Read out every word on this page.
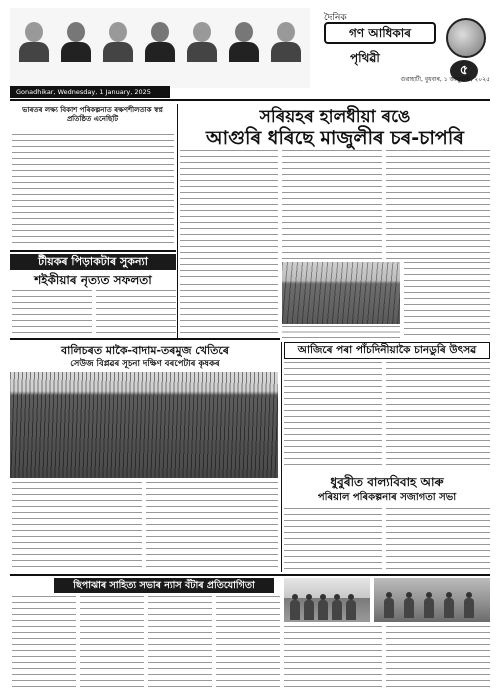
দৈনিক
গণ আধিকাৰ
পৃথিৱী
৫
গুৱাহাটী, বুধবাৰ, ১ জানুৱাৰী, ২০২৫
Gonadhikar, Wednesday, 1 January, 2025
ভাৰতৰ লক্ষ্য বিকাশ পৰিকল্পনাত ৰক্ষণশীলতাক স্বপ্ন প্ৰতিষ্ঠিত এনেছিটি	সৰিয়হৰ হালধীয়া ৰঙে
আগুৰি ধৰিছে মাজুলীৰ চৰ-চাপৰি
টীয়কৰ পিড়াকটাৰ সুকন্যা
শইকীয়াৰ নৃত্যত সফলতা
আজিৰে পৰা পাঁচদিনীয়াকৈ চানডুৰি উৎসৱ
বালিচৰত মাকৈ-বাদাম-তৰমুজ খেতিৰে
সেউজ বিপ্লৱৰ সূচনা দক্ষিণ বৰপেটাৰ কৃষকৰ
ধুবুৰীত বাল্যবিবাহ আৰু
পৰিয়াল পৰিকল্পনাৰ সজাগতা সভা
ছিপাঝাৰ সাহিত্য সভাৰ ন্যাস বঁটাৰ প্ৰতিযোগিতা
